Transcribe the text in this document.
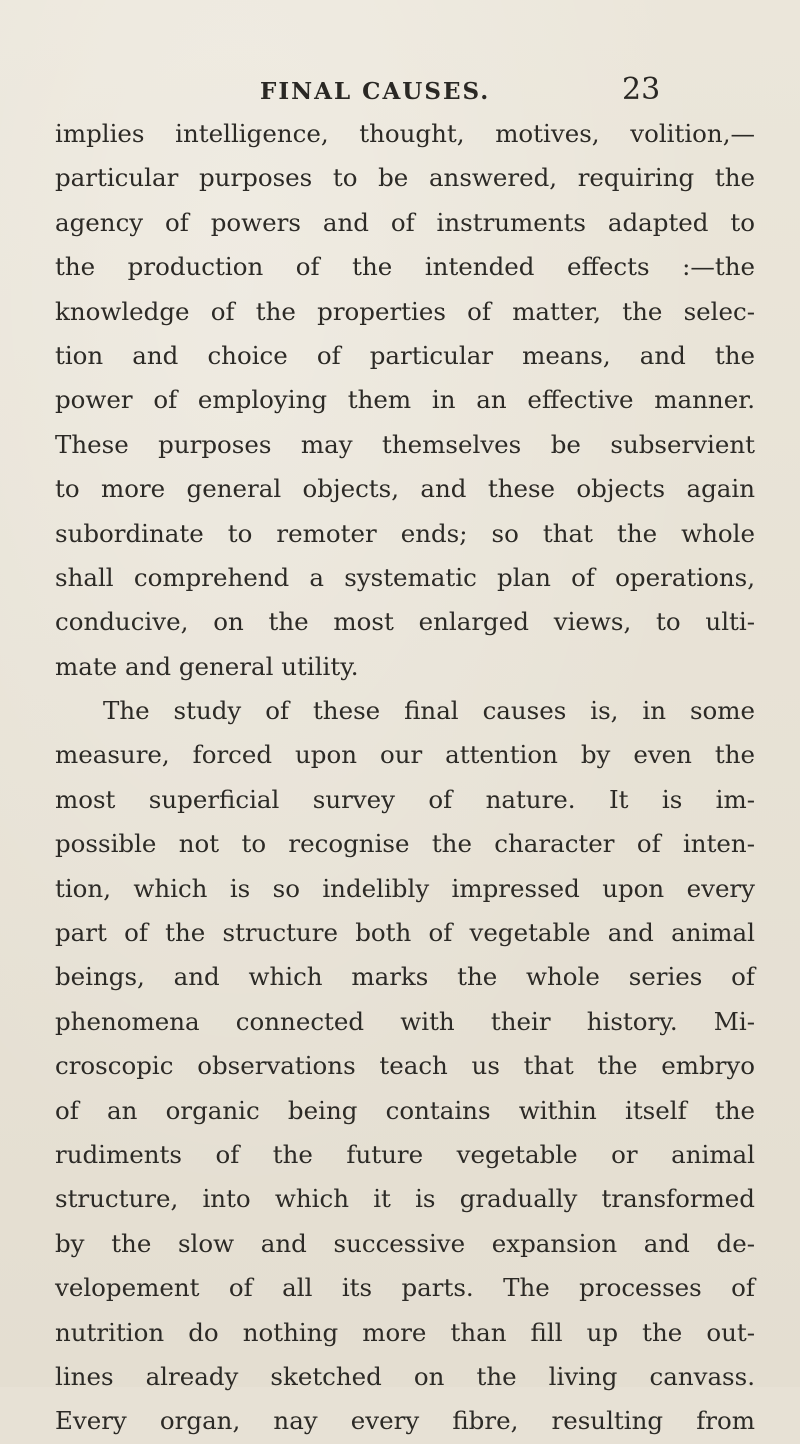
FINAL CAUSES.	23
implies intelligence, thought, motives, volition,—
particular purposes to be answered, requiring the
agency of powers and of instruments adapted to
the production of the intended effects :—the
knowledge of the properties of matter, the selec-
tion and choice of particular means, and the
power of employing them in an effective manner.
These purposes may themselves be subservient
to more general objects, and these objects again
subordinate to remoter ends; so that the whole
shall comprehend a systematic plan of operations,
conducive, on the most enlarged views, to ulti-
mate and general utility.
The study of these final causes is, in some
measure, forced upon our attention by even the
most superficial survey of nature. It is im-
possible not to recognise the character of inten-
tion, which is so indelibly impressed upon every
part of the structure both of vegetable and animal
beings, and which marks the whole series of
phenomena connected with their history. Mi-
croscopic observations teach us that the embryo
of an organic being contains within itself the
rudiments of the future vegetable or animal
structure, into which it is gradually transformed
by the slow and successive expansion and de-
velopement of all its parts. The processes of
nutrition do nothing more than fill up the out-
lines already sketched on the living canvass.
Every organ, nay every fibre, resulting from
